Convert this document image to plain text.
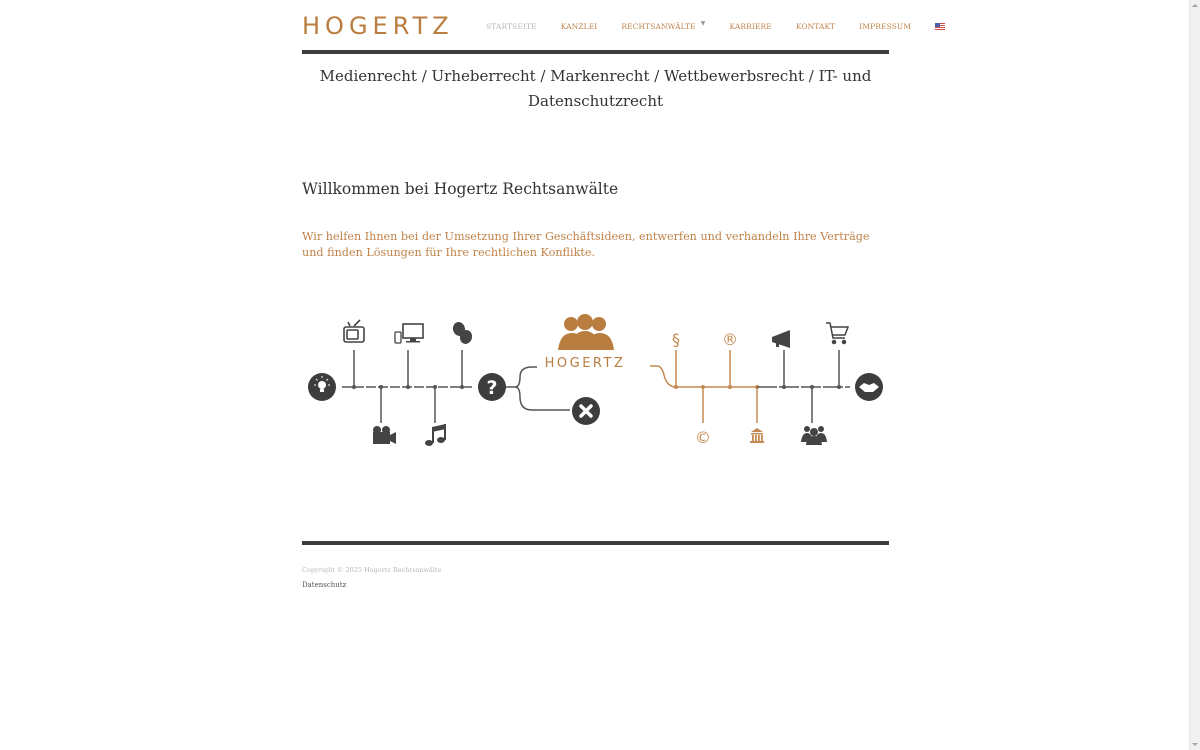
HOGERTZ	STARTSEITE	KANZLEI	RECHTSANWÄLTE ▼	KARRIERE	KONTAKT	IMPRESSUM
Medienrecht / Urheberrecht / Markenrecht / Wettbewerbsrecht / IT- und Datenschutzrecht
Willkommen bei Hogertz Rechtsanwälte

Wir helfen Ihnen bei der Umsetzung Ihrer Geschäftsideen, entwerfen und verhandeln Ihre Verträge und finden Lösungen für Ihre rechtlichen Konflikte.

?
HOGERTZ
§	®
©
Copyright © 2025 Hogertz Rechtsanwälte
Datenschutz
